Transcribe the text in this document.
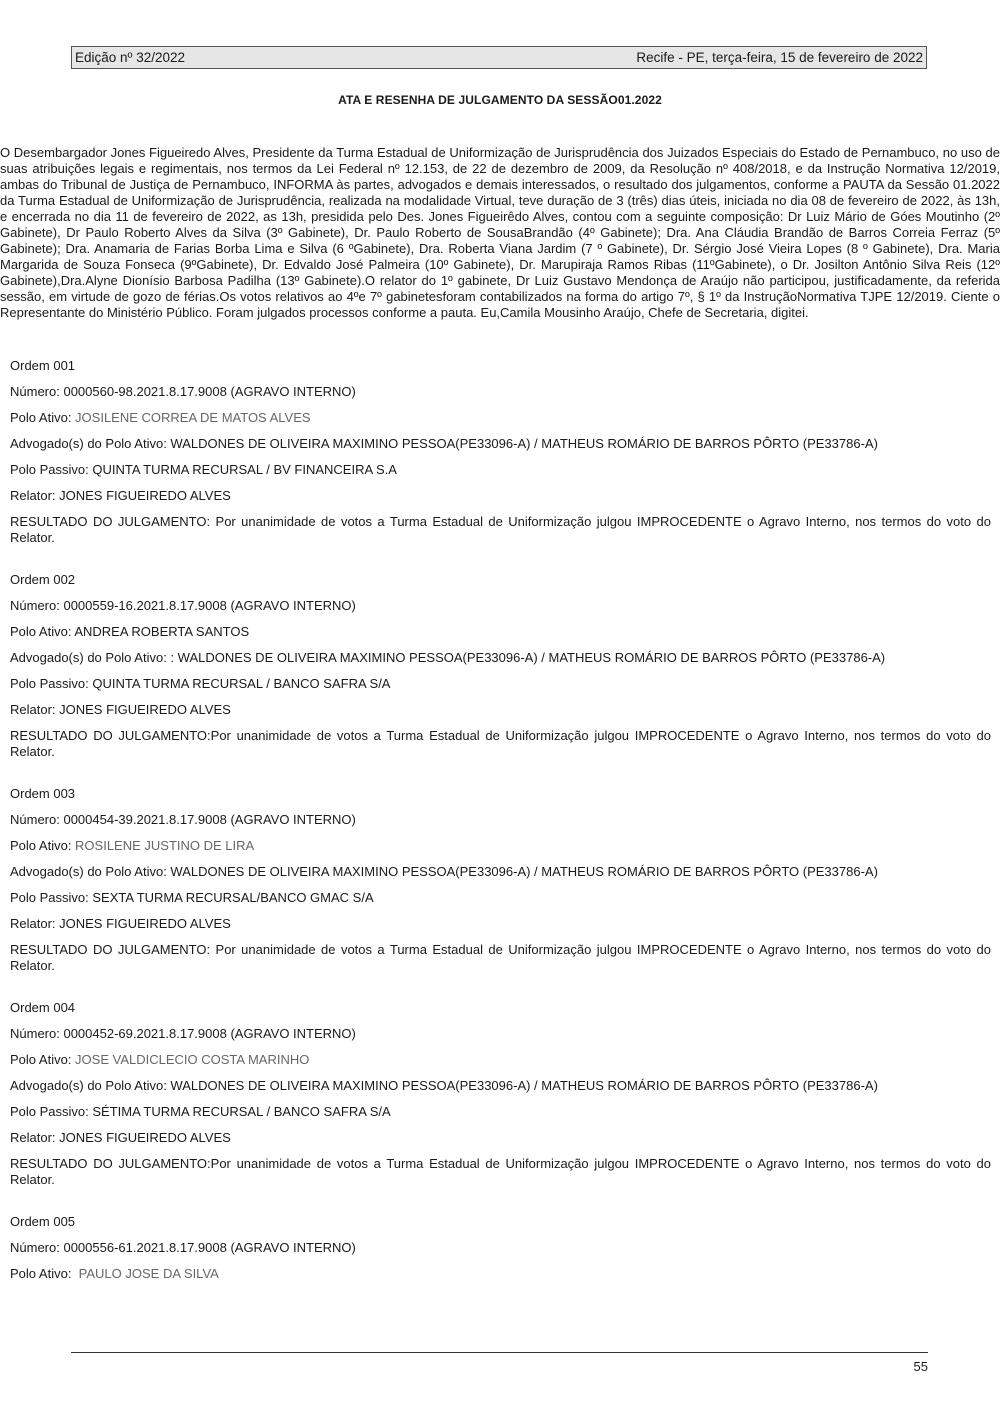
Edição nº 32/2022	Recife - PE, terça-feira, 15 de fevereiro de 2022
ATA E RESENHA DE JULGAMENTO DA SESSÃO01.2022
O Desembargador Jones Figueiredo Alves, Presidente da Turma Estadual de Uniformização de Jurisprudência dos Juizados Especiais do Estado de Pernambuco, no uso de suas atribuições legais e regimentais, nos termos da Lei Federal nº 12.153, de 22 de dezembro de 2009, da Resolução nº 408/2018, e da Instrução Normativa 12/2019, ambas do Tribunal de Justiça de Pernambuco, INFORMA às partes, advogados e demais interessados, o resultado dos julgamentos, conforme a PAUTA da Sessão 01.2022 da Turma Estadual de Uniformização de Jurisprudência, realizada na modalidade Virtual, teve duração de 3 (três) dias úteis, iniciada no dia 08 de fevereiro de 2022, às 13h, e encerrada no dia 11 de fevereiro de 2022, as 13h, presidida pelo Des. Jones Figueirêdo Alves, contou com a seguinte composição: Dr Luiz Mário de Góes Moutinho (2º Gabinete), Dr Paulo Roberto Alves da Silva (3º Gabinete), Dr. Paulo Roberto de SousaBrandão (4º Gabinete); Dra. Ana Cláudia Brandão de Barros Correia Ferraz (5º Gabinete); Dra. Anamaria de Farias Borba Lima e Silva (6 ºGabinete), Dra. Roberta Viana Jardim (7 º Gabinete), Dr. Sérgio José Vieira Lopes (8 º Gabinete), Dra. Maria Margarida de Souza Fonseca (9ºGabinete), Dr. Edvaldo José Palmeira (10º Gabinete), Dr. Marupiraja Ramos Ribas (11ºGabinete), o Dr. Josilton Antônio Silva Reis (12º Gabinete),Dra.Alyne Dionísio Barbosa Padilha (13º Gabinete).O relator do 1º gabinete, Dr Luiz Gustavo Mendonça de Araújo não participou, justificadamente, da referida sessão, em virtude de gozo de férias.Os votos relativos ao 4ºe 7º gabinetesforam contabilizados na forma do artigo 7º, § 1º da InstruçãoNormativa TJPE 12/2019. Ciente o Representante do Ministério Público. Foram julgados processos conforme a pauta. Eu,Camila Mousinho Araújo, Chefe de Secretaria, digitei.
Ordem 001
Número: 0000560-98.2021.8.17.9008 (AGRAVO INTERNO)
Polo Ativo: JOSILENE CORREA DE MATOS ALVES
Advogado(s) do Polo Ativo: WALDONES DE OLIVEIRA MAXIMINO PESSOA(PE33096-A) / MATHEUS ROMÁRIO DE BARROS PÔRTO (PE33786-A)
Polo Passivo: QUINTA TURMA RECURSAL / BV FINANCEIRA S.A
Relator: JONES FIGUEIREDO ALVES
RESULTADO DO JULGAMENTO: Por unanimidade de votos a Turma Estadual de Uniformização julgou IMPROCEDENTE o Agravo Interno, nos termos do voto do Relator.
Ordem 002
Número: 0000559-16.2021.8.17.9008 (AGRAVO INTERNO)
Polo Ativo: ANDREA ROBERTA SANTOS
Advogado(s) do Polo Ativo: : WALDONES DE OLIVEIRA MAXIMINO PESSOA(PE33096-A) / MATHEUS ROMÁRIO DE BARROS PÔRTO (PE33786-A)
Polo Passivo: QUINTA TURMA RECURSAL / BANCO SAFRA S/A
Relator: JONES FIGUEIREDO ALVES
RESULTADO DO JULGAMENTO:Por unanimidade de votos a Turma Estadual de Uniformização julgou IMPROCEDENTE o Agravo Interno, nos termos do voto do Relator.
Ordem 003
Número: 0000454-39.2021.8.17.9008 (AGRAVO INTERNO)
Polo Ativo: ROSILENE JUSTINO DE LIRA
Advogado(s) do Polo Ativo: WALDONES DE OLIVEIRA MAXIMINO PESSOA(PE33096-A) / MATHEUS ROMÁRIO DE BARROS PÔRTO (PE33786-A)
Polo Passivo: SEXTA TURMA RECURSAL/BANCO GMAC S/A
Relator: JONES FIGUEIREDO ALVES
RESULTADO DO JULGAMENTO: Por unanimidade de votos a Turma Estadual de Uniformização julgou IMPROCEDENTE o Agravo Interno, nos termos do voto do Relator.
Ordem 004
Número: 0000452-69.2021.8.17.9008 (AGRAVO INTERNO)
Polo Ativo: JOSE VALDICLECIO COSTA MARINHO
Advogado(s) do Polo Ativo: WALDONES DE OLIVEIRA MAXIMINO PESSOA(PE33096-A) / MATHEUS ROMÁRIO DE BARROS PÔRTO (PE33786-A)
Polo Passivo: SÉTIMA TURMA RECURSAL / BANCO SAFRA S/A
Relator: JONES FIGUEIREDO ALVES
RESULTADO DO JULGAMENTO:Por unanimidade de votos a Turma Estadual de Uniformização julgou IMPROCEDENTE o Agravo Interno, nos termos do voto do Relator.
Ordem 005
Número: 0000556-61.2021.8.17.9008 (AGRAVO INTERNO)
Polo Ativo:  PAULO JOSE DA SILVA
55
